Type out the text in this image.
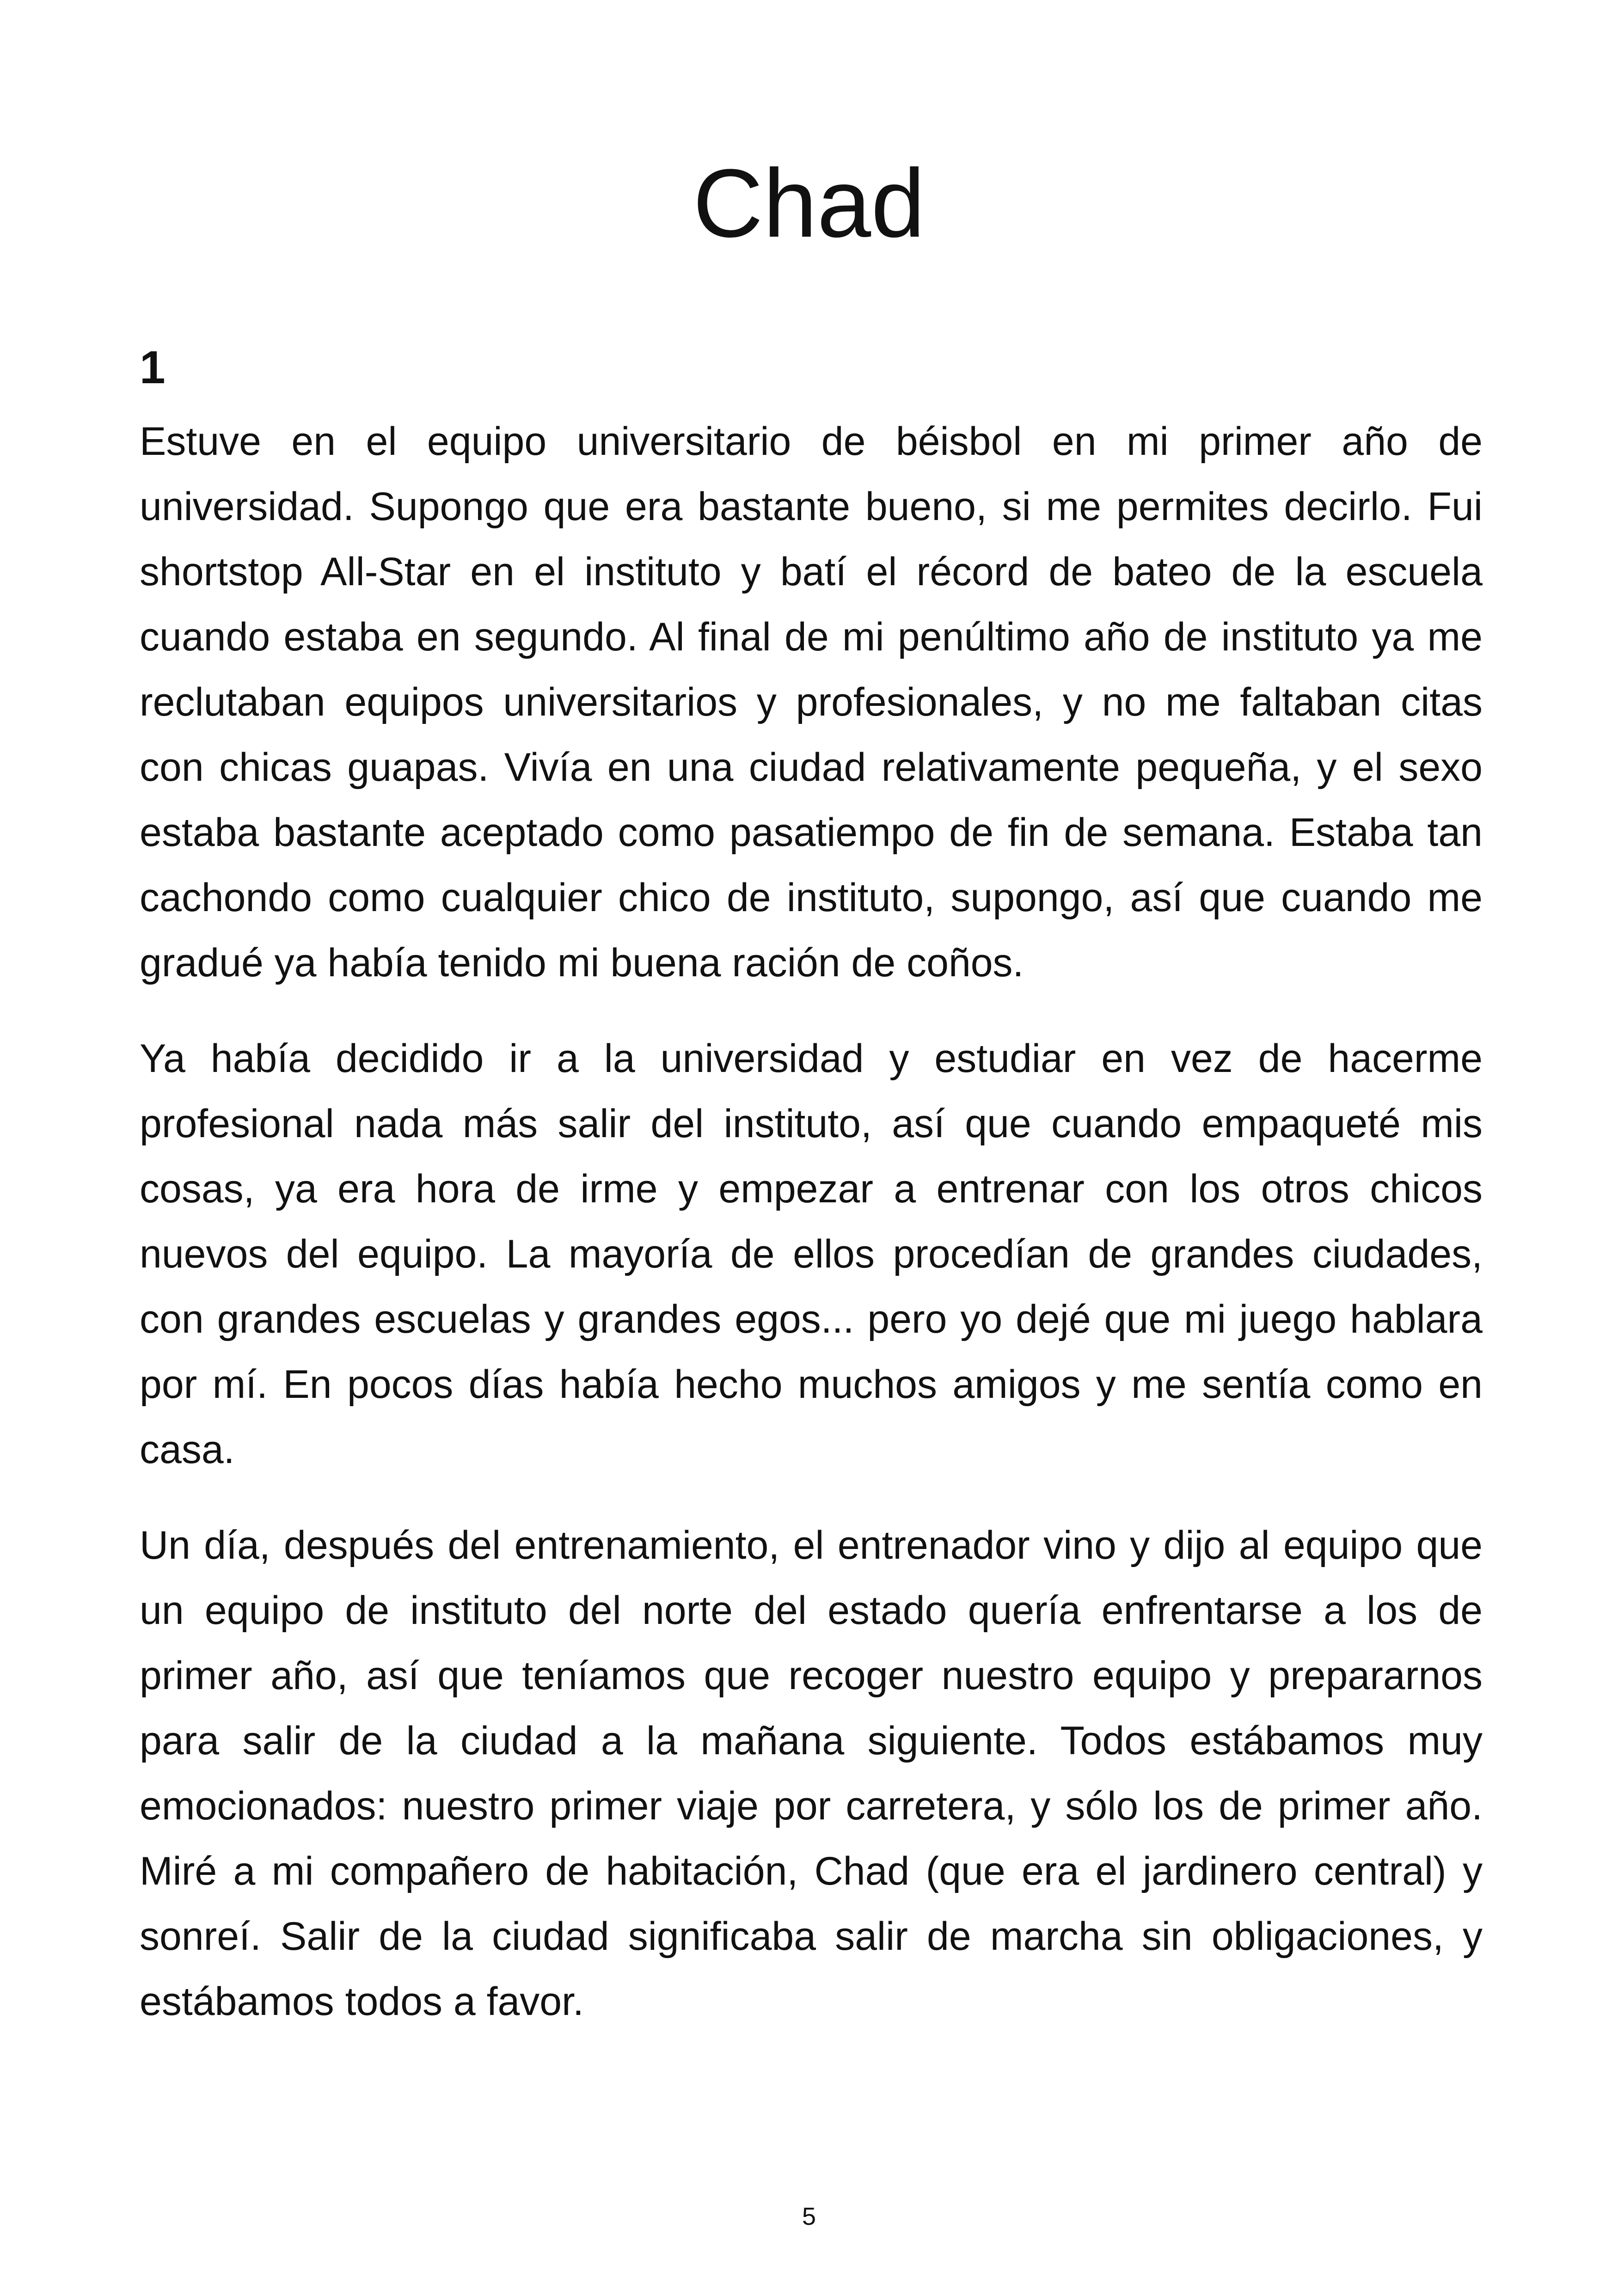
Chad
1

Estuve en el equipo universitario de béisbol en mi primer año de universidad. Supongo que era bastante bueno, si me permites decirlo. Fui shortstop All-Star en el instituto y batí el récord de bateo de la escuela cuando estaba en segundo. Al final de mi penúltimo año de instituto ya me reclutaban equipos universitarios y profesionales, y no me faltaban citas con chicas guapas. Vivía en una ciudad relativamente pequeña, y el sexo estaba bastante aceptado como pasatiempo de fin de semana. Estaba tan cachondo como cualquier chico de instituto, supongo, así que cuando me gradué ya había tenido mi buena ración de coños.

Ya había decidido ir a la universidad y estudiar en vez de hacerme profesional nada más salir del instituto, así que cuando empaqueté mis cosas, ya era hora de irme y empezar a entrenar con los otros chicos nuevos del equipo. La mayoría de ellos procedían de grandes ciudades, con grandes escuelas y grandes egos... pero yo dejé que mi juego hablara por mí. En pocos días había hecho muchos amigos y me sentía como en casa.

Un día, después del entrenamiento, el entrenador vino y dijo al equipo que un equipo de instituto del norte del estado quería enfrentarse a los de primer año, así que teníamos que recoger nuestro equipo y prepararnos para salir de la ciudad a la mañana siguiente. Todos estábamos muy emocionados: nuestro primer viaje por carretera, y sólo los de primer año. Miré a mi compañero de habitación, Chad (que era el jardinero central) y sonreí. Salir de la ciudad significaba salir de marcha sin obligaciones, y estábamos todos a favor.

5
